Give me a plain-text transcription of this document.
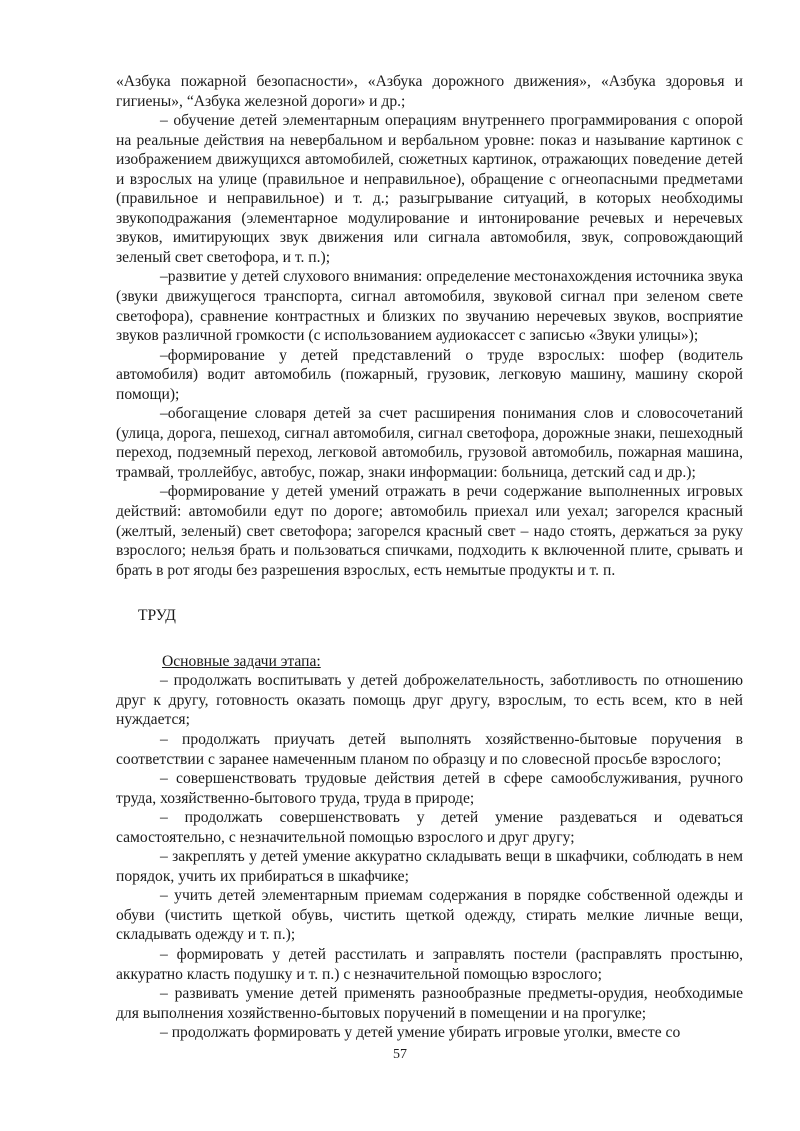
«Азбука пожарной безопасности», «Азбука дорожного движения», «Азбука здоровья и гигиены», “Азбука железной дороги» и др.;

– обучение детей элементарным операциям внутреннего программирования с опорой на реальные действия на невербальном и вербальном уровне: показ и называние картинок с изображением движущихся автомобилей, сюжетных картинок, отражающих поведение детей и взрослых на улице (правильное и неправильное), обращение с огнеопасными предметами (правильное и неправильное) и т. д.; разыгрывание ситуаций, в которых необходимы звукоподражания (элементарное модулирование и интонирование речевых и неречевых звуков, имитирующих звук движения или сигнала автомобиля, звук, сопровождающий зеленый свет светофора, и т. п.);

–развитие у детей слухового внимания: определение местонахождения источника звука (звуки движущегося транспорта, сигнал автомобиля, звуковой сигнал при зеленом свете светофора), сравнение контрастных и близких по звучанию неречевых звуков, восприятие звуков различной громкости (с использованием аудиокассет с записью «Звуки улицы»);

–формирование у детей представлений о труде взрослых: шофер (водитель автомобиля) водит автомобиль (пожарный, грузовик, легковую машину, машину скорой помощи);

–обогащение словаря детей за счет расширения понимания слов и словосочетаний (улица, дорога, пешеход, сигнал автомобиля, сигнал светофора, дорожные знаки, пешеходный переход, подземный переход, легковой автомобиль, грузовой автомобиль, пожарная машина, трамвай, троллейбус, автобус, пожар, знаки информации: больница, детский сад и др.);

–формирование у детей умений отражать в речи содержание выполненных игровых действий: автомобили едут по дороге; автомобиль приехал или уехал; загорелся красный (желтый, зеленый) свет светофора; загорелся красный свет – надо стоять, держаться за руку взрослого; нельзя брать и пользоваться спичками, подходить к включенной плите, срывать и брать в рот ягоды без разрешения взрослых, есть немытые продукты и т. п.

ТРУД

Основные задачи этапа:

– продолжать воспитывать у детей доброжелательность, заботливость по отношению друг к другу, готовность оказать помощь друг другу, взрослым, то есть всем, кто в ней нуждается;

– продолжать приучать детей выполнять хозяйственно-бытовые поручения в соответствии с заранее намеченным планом по образцу и по словесной просьбе взрослого;

– совершенствовать трудовые действия детей в сфере самообслуживания, ручного труда, хозяйственно-бытового труда, труда в природе;

– продолжать совершенствовать у детей умение раздеваться и одеваться самостоятельно, с незначительной помощью взрослого и друг другу;

– закреплять у детей умение аккуратно складывать вещи в шкафчики, соблюдать в нем порядок, учить их прибираться в шкафчике;

– учить детей элементарным приемам содержания в порядке собственной одежды и обуви (чистить щеткой обувь, чистить щеткой одежду, стирать мелкие личные вещи, складывать одежду и т. п.);

– формировать у детей расстилать и заправлять постели (расправлять простыню, аккуратно класть подушку и т. п.) с незначительной помощью взрослого;

– развивать умение детей применять разнообразные предметы-орудия, необходимые для выполнения хозяйственно-бытовых поручений в помещении и на прогулке;

– продолжать формировать у детей умение убирать игровые уголки, вместе со

57
